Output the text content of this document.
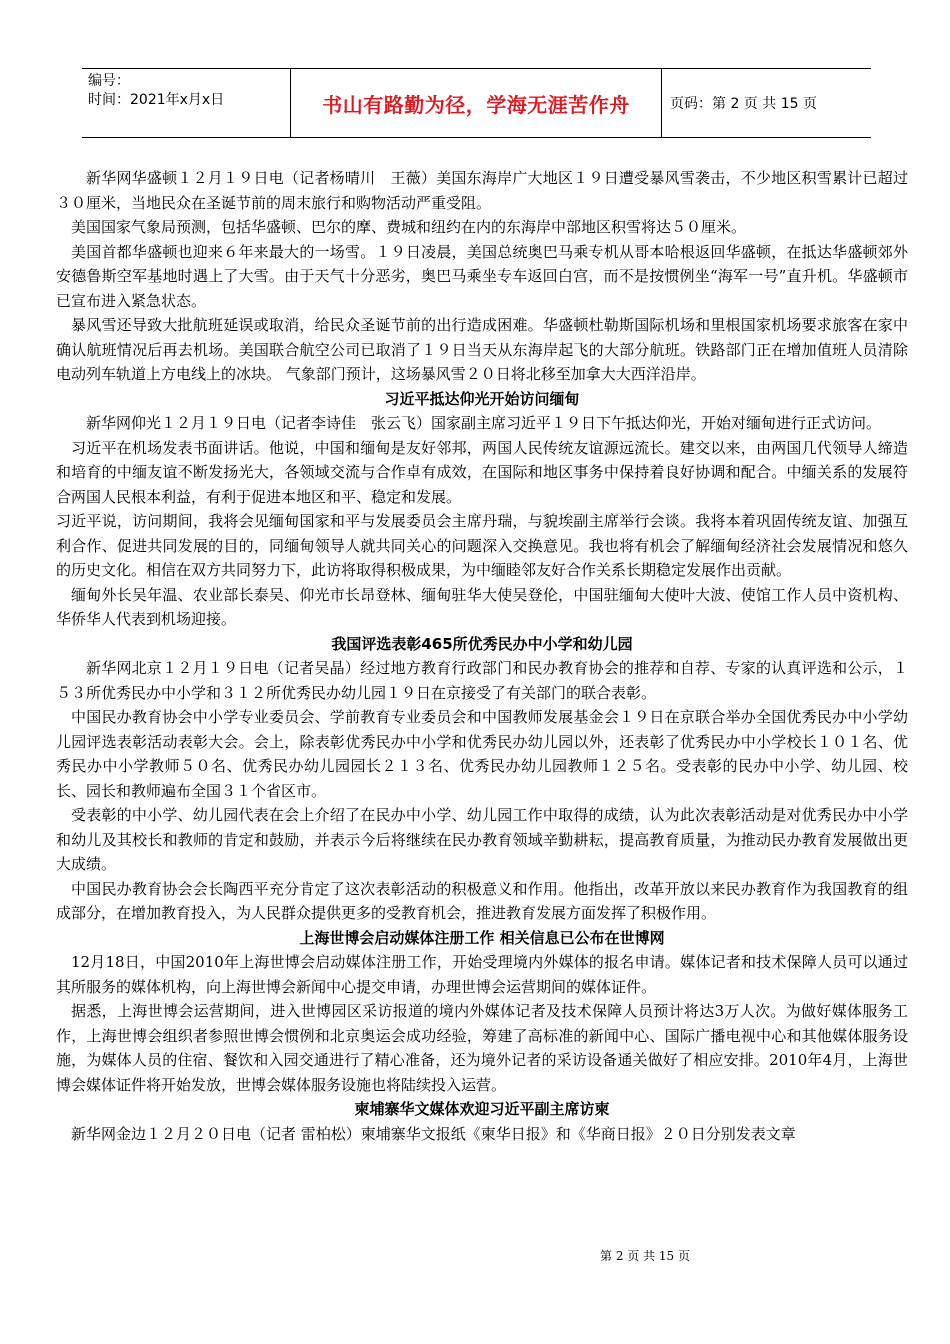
编号：
时间：2021年x月x日	书山有路勤为径，学海无涯苦作舟	页码：第 2 页 共 15 页

新华网华盛顿１２月１９日电（记者杨晴川　王薇）美国东海岸广大地区１９日遭受暴风雪袭击，不少地区积雪累计已超过３０厘米，当地民众在圣诞节前的周末旅行和购物活动严重受阻。

美国国家气象局预测，包括华盛顿、巴尔的摩、费城和纽约在内的东海岸中部地区积雪将达５０厘米。

美国首都华盛顿也迎来６年来最大的一场雪。１９日凌晨，美国总统奥巴马乘专机从哥本哈根返回华盛顿，在抵达华盛顿郊外安德鲁斯空军基地时遇上了大雪。由于天气十分恶劣，奥巴马乘坐专车返回白宫，而不是按惯例坐“海军一号”直升机。华盛顿市已宣布进入紧急状态。

暴风雪还导致大批航班延误或取消，给民众圣诞节前的出行造成困难。华盛顿杜勒斯国际机场和里根国家机场要求旅客在家中确认航班情况后再去机场。美国联合航空公司已取消了１９日当天从东海岸起飞的大部分航班。铁路部门正在增加值班人员清除电动列车轨道上方电线上的冰块。 气象部门预计，这场暴风雪２０日将北移至加拿大大西洋沿岸。

习近平抵达仰光开始访问缅甸

新华网仰光１２月１９日电（记者李诗佳　张云飞）国家副主席习近平１９日下午抵达仰光，开始对缅甸进行正式访问。

习近平在机场发表书面讲话。他说，中国和缅甸是友好邻邦，两国人民传统友谊源远流长。建交以来，由两国几代领导人缔造和培育的中缅友谊不断发扬光大，各领域交流与合作卓有成效，在国际和地区事务中保持着良好协调和配合。中缅关系的发展符合两国人民根本利益，有利于促进本地区和平、稳定和发展。

习近平说，访问期间，我将会见缅甸国家和平与发展委员会主席丹瑞，与貌埃副主席举行会谈。我将本着巩固传统友谊、加强互利合作、促进共同发展的目的，同缅甸领导人就共同关心的问题深入交换意见。我也将有机会了解缅甸经济社会发展情况和悠久的历史文化。相信在双方共同努力下，此访将取得积极成果，为中缅睦邻友好合作关系长期稳定发展作出贡献。

缅甸外长吴年温、农业部长泰吴、仰光市长昂登林、缅甸驻华大使吴登伦，中国驻缅甸大使叶大波、使馆工作人员中资机构、华侨华人代表到机场迎接。

我国评选表彰465所优秀民办中小学和幼儿园

新华网北京１２月１９日电（记者吴晶）经过地方教育行政部门和民办教育协会的推荐和自荐、专家的认真评选和公示，１５３所优秀民办中小学和３１２所优秀民办幼儿园１９日在京接受了有关部门的联合表彰。

中国民办教育协会中小学专业委员会、学前教育专业委员会和中国教师发展基金会１９日在京联合举办全国优秀民办中小学幼儿园评选表彰活动表彰大会。会上，除表彰优秀民办中小学和优秀民办幼儿园以外，还表彰了优秀民办中小学校长１０１名、优秀民办中小学教师５０名、优秀民办幼儿园园长２１３名、优秀民办幼儿园教师１２５名。受表彰的民办中小学、幼儿园、校长、园长和教师遍布全国３１个省区市。

受表彰的中小学、幼儿园代表在会上介绍了在民办中小学、幼儿园工作中取得的成绩，认为此次表彰活动是对优秀民办中小学和幼儿及其校长和教师的肯定和鼓励，并表示今后将继续在民办教育领域辛勤耕耘，提高教育质量，为推动民办教育发展做出更大成绩。

中国民办教育协会会长陶西平充分肯定了这次表彰活动的积极意义和作用。他指出，改革开放以来民办教育作为我国教育的组成部分，在增加教育投入，为人民群众提供更多的受教育机会，推进教育发展方面发挥了积极作用。

上海世博会启动媒体注册工作 相关信息已公布在世博网

12月18日，中国2010年上海世博会启动媒体注册工作，开始受理境内外媒体的报名申请。媒体记者和技术保障人员可以通过其所服务的媒体机构，向上海世博会新闻中心提交申请，办理世博会运营期间的媒体证件。

据悉，上海世博会运营期间，进入世博园区采访报道的境内外媒体记者及技术保障人员预计将达3万人次。为做好媒体服务工作，上海世博会组织者参照世博会惯例和北京奥运会成功经验，筹建了高标准的新闻中心、国际广播电视中心和其他媒体服务设施，为媒体人员的住宿、餐饮和入园交通进行了精心准备，还为境外记者的采访设备通关做好了相应安排。2010年4月，上海世博会媒体证件将开始发放，世博会媒体服务设施也将陆续投入运营。

柬埔寨华文媒体欢迎习近平副主席访柬

新华网金边１２月２０日电（记者 雷柏松）柬埔寨华文报纸《柬华日报》和《华商日报》２０日分别发表文章

第 2 页 共 15 页
